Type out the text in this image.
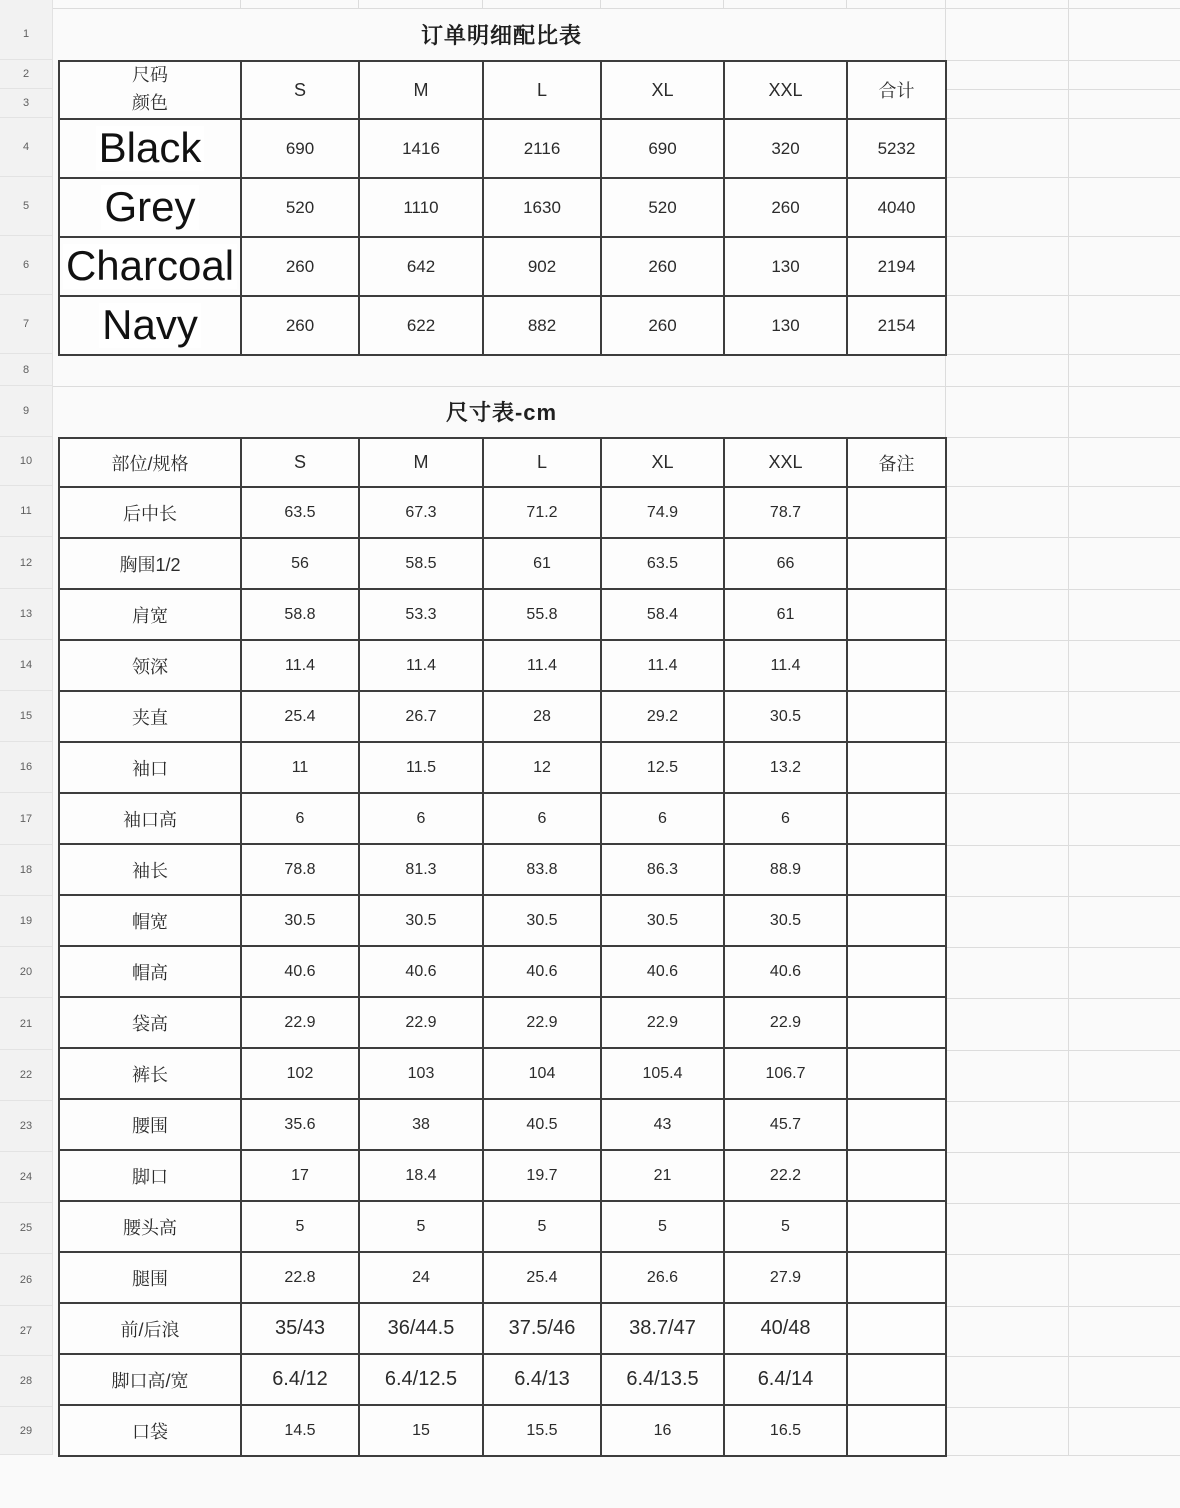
1
2
3
4
5
6
7
8
9
10
11
12
13
14
15
16
17
18
19
20
21
22
23
24
25
26
27
28
29
订单明细配比表
尺码
颜色	S	M	L	XL	XXL	合计
Black	690	1416	2116	690	320	5232
Grey	520	1110	1630	520	260	4040
Charcoal	260	642	902	260	130	2194
Navy	260	622	882	260	130	2154
尺寸表-cm
部位/规格	S	M	L	XL	XXL	备注
后中长	63.5	67.3	71.2	74.9	78.7	
胸围1/2	56	58.5	61	63.5	66	
肩宽	58.8	53.3	55.8	58.4	61	
领深	11.4	11.4	11.4	11.4	11.4	
夹直	25.4	26.7	28	29.2	30.5	
袖口	11	11.5	12	12.5	13.2	
袖口高	6	6	6	6	6	
袖长	78.8	81.3	83.8	86.3	88.9	
帽宽	30.5	30.5	30.5	30.5	30.5	
帽高	40.6	40.6	40.6	40.6	40.6	
袋高	22.9	22.9	22.9	22.9	22.9	
裤长	102	103	104	105.4	106.7	
腰围	35.6	38	40.5	43	45.7	
脚口	17	18.4	19.7	21	22.2	
腰头高	5	5	5	5	5	
腿围	22.8	24	25.4	26.6	27.9	
前/后浪	35/43	36/44.5	37.5/46	38.7/47	40/48	
脚口高/宽	6.4/12	6.4/12.5	6.4/13	6.4/13.5	6.4/14	
口袋	14.5	15	15.5	16	16.5	
